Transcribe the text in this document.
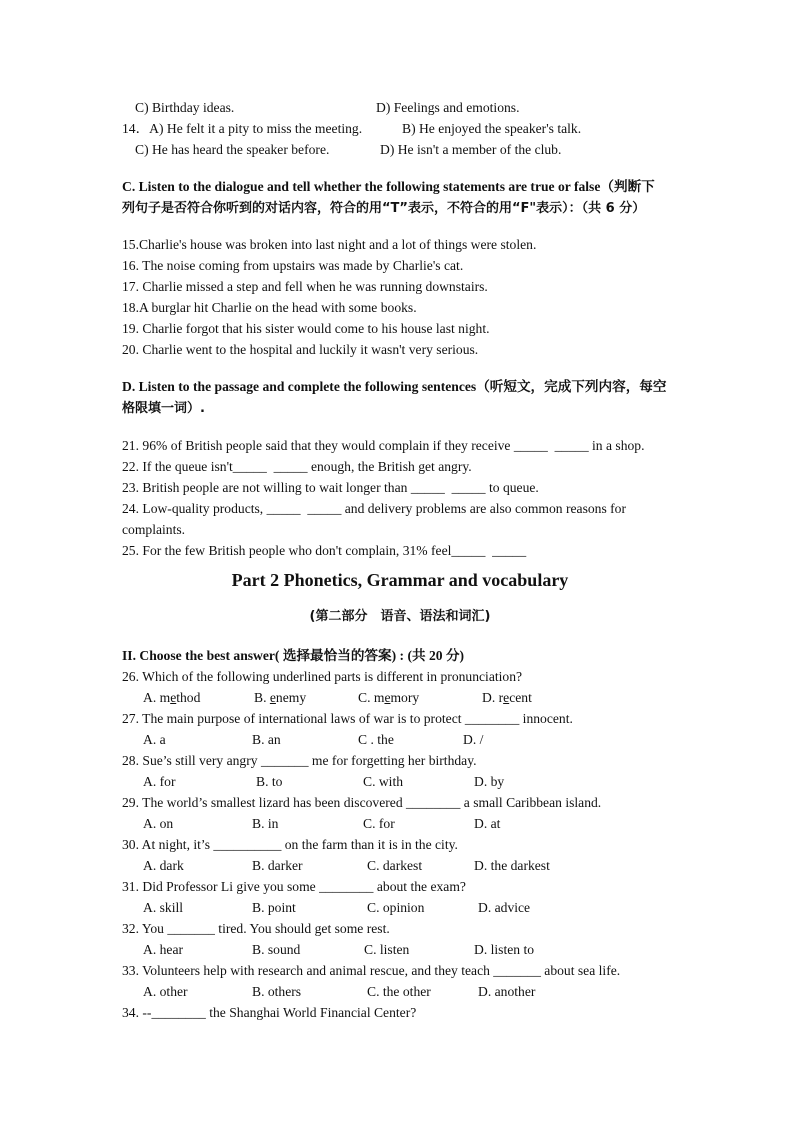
C) Birthday ideas.	D) Feelings and emotions.
14．A) He felt it a pity to miss the meeting.	B) He enjoyed the speaker's talk.
C) He has heard the speaker before.	D) He isn't a member of the club.
C. Listen to the dialogue and tell whether the following statements are true or false（判断下
列句子是否符合你听到的对话内容，符合的用“T”表示，不符合的用“F"表示）：（共 6 分）
15.Charlie's house was broken into last night and a lot of things were stolen.
16. The noise coming from upstairs was made by Charlie's cat.
17. Charlie missed a step and fell when he was running downstairs.
18.A burglar hit Charlie on the head with some books.
19. Charlie forgot that his sister would come to his house last night.
20. Charlie went to the hospital and luckily it wasn't very serious.
D. Listen to the passage and complete the following sentences（听短文，完成下列内容，每空
格限填一词）.
21. 96% of British people said that they would complain if they receive _____  _____ in a shop.
22. If the queue isn't_____  _____ enough, the British get angry.
23. British people are not willing to wait longer than _____  _____ to queue.
24. Low-quality products, _____  _____ and delivery problems are also common reasons for
complaints.
25. For the few British people who don't complain, 31% feel_____  _____
Part 2 Phonetics, Grammar and vocabulary
(第二部分　语音、语法和词汇)
II. Choose the best answer( 选择最恰当的答案) : (共 20 分)
26. Which of the following underlined parts is different in pronunciation?
A. method	B. enemy	C. memory	D. recent
27. The main purpose of international laws of war is to protect ________ innocent.
A. a	B. an	C . the	D. /
28. Sue’s still very angry _______ me for forgetting her birthday.
A. for	B. to	C. with	D. by
29. The world’s smallest lizard has been discovered ________ a small Caribbean island.
A. on	B. in	C. for	D. at
30. At night, it’s __________ on the farm than it is in the city.
A. dark	B. darker	C. darkest	D. the darkest
31. Did Professor Li give you some ________ about the exam?
A. skill	B. point	C. opinion	D. advice
32. You _______ tired. You should get some rest.
A. hear	B. sound	C. listen	D. listen to
33. Volunteers help with research and animal rescue, and they teach _______ about sea life.
A. other	B. others	C. the other	D. another
34. --________ the Shanghai World Financial Center?
